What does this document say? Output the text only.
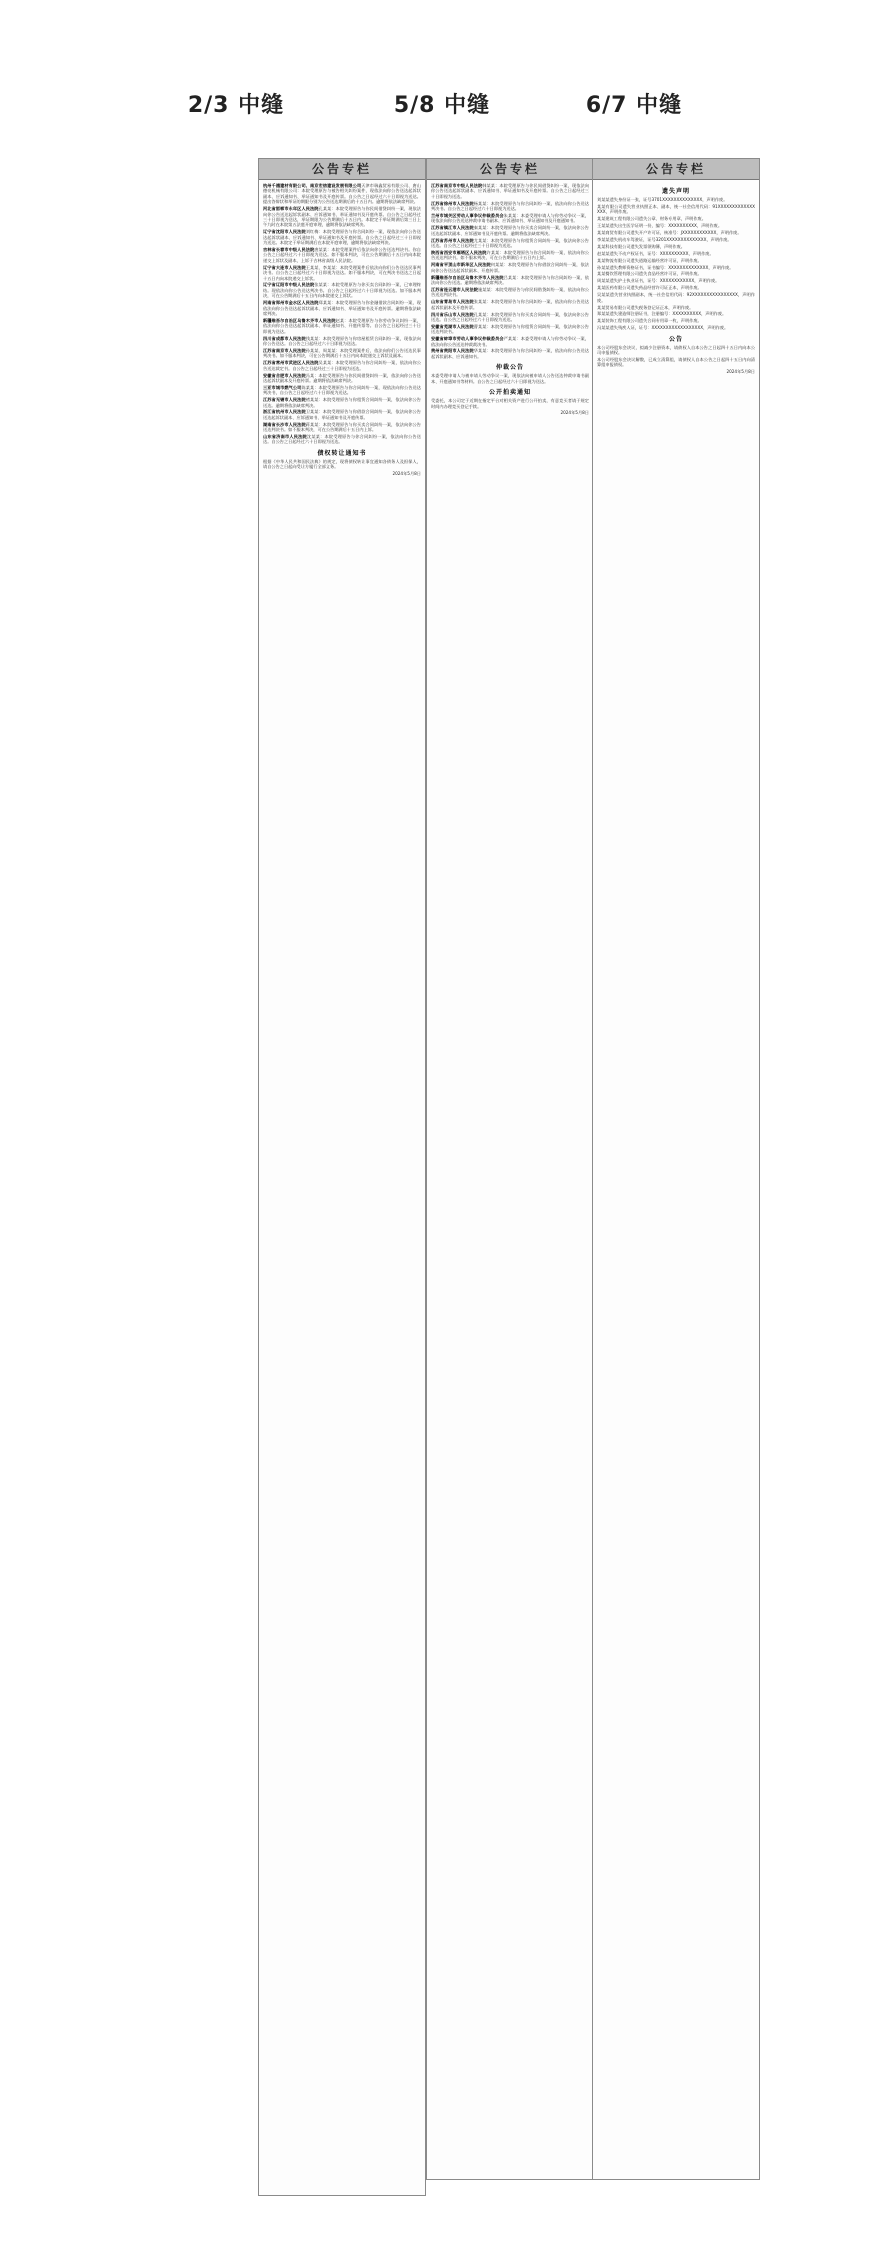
2/3 中缝	5/8 中缝	6/7 中缝
公告专栏

杭州千禧建材有限公司、南京宏信建设发展有限公司天津市瑞鑫贸易有限公司、唐山德亮机械有限公司：本院受理原告与被告相关纠纷案件，现依法向你公告送达起诉状副本、应诉通知书、举证通知书及开庭传票。自公告之日起经过六十日即视为送达。提出答辩状和举证的期限分别为公告送达期满后的十五日内。逾期将依法缺席判决。

河北省邯郸市永年区人民法院孔某某：本院受理原告与你民间借贷纠纷一案，现依法向你公告送达起诉状副本、应诉通知书、举证通知书及开庭传票。自公告之日起经过三十日即视为送达，举证期限为公告期满后十五日内。本院定于举证期满后第三日上午九时在本院第五法庭开庭审理，逾期将依法缺席判决。

辽宁省沈阳市人民法院刘红梅：本院受理原告与你合同纠纷一案，现依法向你公告送达起诉状副本、应诉通知书、举证通知书及开庭传票。自公告之日起经过三十日即视为送达。本院定于举证期满后在本院开庭审理，逾期将依法缺席判决。

吉林省长春市中级人民法院唐某某：本院受理案件后依法向你公告送达判决书。你自公告之日起经过六十日即视为送达。如不服本判决，可在公告期满后十五日内向本院递交上诉状及副本，上诉于吉林省高级人民法院。

辽宁省大连市人民法院王某某、李某某：本院受理案件后依法向你们公告送达民事判决书。自公告之日起经过六十日即视为送达。如不服本判决，可在判决书送达之日起十五日内向本院递交上诉状。

辽宁省辽阳市中级人民法院张某某：本院受理原告与你买卖合同纠纷一案，已审理终结。现依法向你公告送达判决书。自公告之日起经过六十日即视为送达。如不服本判决，可在公告期满后十五日内向本院递交上诉状。

河南省郑州市金水区人民法院郑某某：本院受理原告与你金融借款合同纠纷一案，现依法向你公告送达起诉状副本、应诉通知书、举证通知书及开庭传票。逾期将依法缺席判决。

新疆维吾尔自治区乌鲁木齐市人民法院赵某：本院受理原告与你劳动争议纠纷一案，依法向你公告送达起诉状副本、举证通知书、开庭传票等。自公告之日起经过三十日即视为送达。

四川省成都市人民法院钱某某：本院受理原告与你房屋租赁合同纠纷一案，现依法向你公告送达。自公告之日起经过六十日即视为送达。

江苏省南京市人民法院孙某某、周某某：本院受理案件后，依法向你们公告送达民事判决书。如不服本判决，可在公告期满后十五日内向本院递交上诉状及副本。

江苏省常州市武进区人民法院吴某某：本院受理原告与你合同纠纷一案，依法向你公告送达裁定书。自公告之日起经过三十日即视为送达。

安徽省合肥市人民法院冯某：本院受理原告与你民间借贷纠纷一案，依法向你公告送达起诉状副本及开庭传票。逾期将依法缺席判决。

三亚市城市燃气公司陈某某：本院受理原告与你合同纠纷一案，现依法向你公告送达判决书，自公告之日起经过六十日即视为送达。

江苏省无锡市人民法院褚某某：本院受理原告与你租赁合同纠纷一案，依法向你公告送达。逾期将依法缺席判决。

浙江省杭州市人民法院卫某某：本院受理原告与你借款合同纠纷一案，依法向你公告送达起诉状副本、应诉通知书、举证通知书及开庭传票。

湖南省长沙市人民法院蒋某某：本院受理原告与你买卖合同纠纷一案，依法向你公告送达判决书。如不服本判决，可在公告期满后十五日内上诉。

山东省济南市人民法院沈某某：本院受理原告与你合同纠纷一案，依法向你公告送达。自公告之日起经过六十日即视为送达。

债权转让通知书

根据《中华人民共和国民法典》的规定，现将债权转让事宜通知各债务人及担保人，请自公告之日起向受让方履行全部义务。

2024年5月8日
公告专栏

江苏省南京市中级人民法院韩某某：本院受理原告与你民间借贷纠纷一案，现依法向你公告送达起诉状副本、应诉通知书、举证通知书及开庭传票。自公告之日起经过三十日即视为送达。

江苏省徐州市人民法院杨某某：本院受理原告与你合同纠纷一案，依法向你公告送达判决书。自公告之日起经过六十日即视为送达。

兰州市城关区劳动人事争议仲裁委员会朱某某：本委受理申请人与你劳动争议一案，现依法向你公告送达仲裁申请书副本、应诉通知书、举证通知书及开庭通知书。

江苏省镇江市人民法院秦某某：本院受理原告与你买卖合同纠纷一案，依法向你公告送达起诉状副本、应诉通知书及开庭传票。逾期将依法缺席判决。

江苏省苏州市人民法院尤某某：本院受理原告与你租赁合同纠纷一案，依法向你公告送达。自公告之日起经过三十日即视为送达。

陕西省西安市雁塔区人民法院许某某：本院受理原告与你合同纠纷一案，依法向你公告送达判决书。如不服本判决，可在公告期满后十五日内上诉。

河南省平顶山市新华区人民法院何某某：本院受理原告与你借款合同纠纷一案，依法向你公告送达起诉状副本、开庭传票。

新疆维吾尔自治区乌鲁木齐市人民法院吕某某：本院受理原告与你合同纠纷一案，依法向你公告送达。逾期将依法缺席判决。

江苏省连云港市人民法院施某某：本院受理原告与你民间借贷纠纷一案，依法向你公告送达判决书。

山东省青岛市人民法院张某某：本院受理原告与你合同纠纷一案，依法向你公告送达起诉状副本及开庭传票。

四川省乐山市人民法院孔某某：本院受理原告与你买卖合同纠纷一案，依法向你公告送达。自公告之日起经过六十日即视为送达。

安徽省芜湖市人民法院曹某某：本院受理原告与你租赁合同纠纷一案，依法向你公告送达判决书。

安徽省蚌埠市劳动人事争议仲裁委员会严某某：本委受理申请人与你劳动争议一案，依法向你公告送达仲裁裁决书。

贵州省贵阳市人民法院华某某：本院受理原告与你合同纠纷一案，依法向你公告送达起诉状副本、应诉通知书。

仲裁公告

本委受理申请人与被申请人劳动争议一案，现依法向被申请人公告送达仲裁申请书副本、开庭通知书等材料。自公告之日起经过六十日即视为送达。

公开拍卖通知

受委托，本公司定于近期在指定平台对相关资产进行公开拍卖，有意竞买者请于规定时间内办理竞买登记手续。

2024年5月8日
公告专栏
遗失声明

刘某某遗失身份证一张，证号3701XXXXXXXXXXXXXX，声明作废。

某某有限公司遗失营业执照正本、副本，统一社会信用代码：91XXXXXXXXXXXXXXXX，声明作废。

某某建筑工程有限公司遗失公章、财务专用章，声明作废。

王某某遗失出生医学证明一份，编号：XXXXXXXXXX，声明作废。

某某商贸有限公司遗失开户许可证，核准号：JXXXXXXXXXXXX，声明作废。

李某某遗失机动车驾驶证，证号3201XXXXXXXXXXXXXX，声明作废。

某某科技有限公司遗失发票领购簿，声明作废。

赵某某遗失不动产权证书，证号：XXXXXXXXXX，声明作废。

某某物流有限公司遗失道路运输经营许可证，声明作废。

孙某某遗失教师资格证书，证书编号：XXXXXXXXXXXXXX，声明作废。

某某餐饮管理有限公司遗失食品经营许可证，声明作废。

周某某遗失护士执业证书，证号：XXXXXXXXXXXX，声明作废。

某某医药有限公司遗失药品经营许可证正本，声明作废。

吴某某遗失营业执照副本，统一社会信用代码：92XXXXXXXXXXXXXXXX，声明作废。

某某贸易有限公司遗失税务登记证正本，声明作废。

郑某某遗失建造师注册证书，注册编号：XXXXXXXXXX，声明作废。

某某装饰工程有限公司遗失合同专用章一枚，声明作废。

冯某某遗失残疾人证，证号：XXXXXXXXXXXXXXXXXX，声明作废。

公告

本公司经股东会决议，拟减少注册资本，请债权人自本公告之日起四十五日内向本公司申报债权。

本公司经股东会决议解散，已成立清算组，请债权人自本公告之日起四十五日内向清算组申报债权。

2024年5月8日
